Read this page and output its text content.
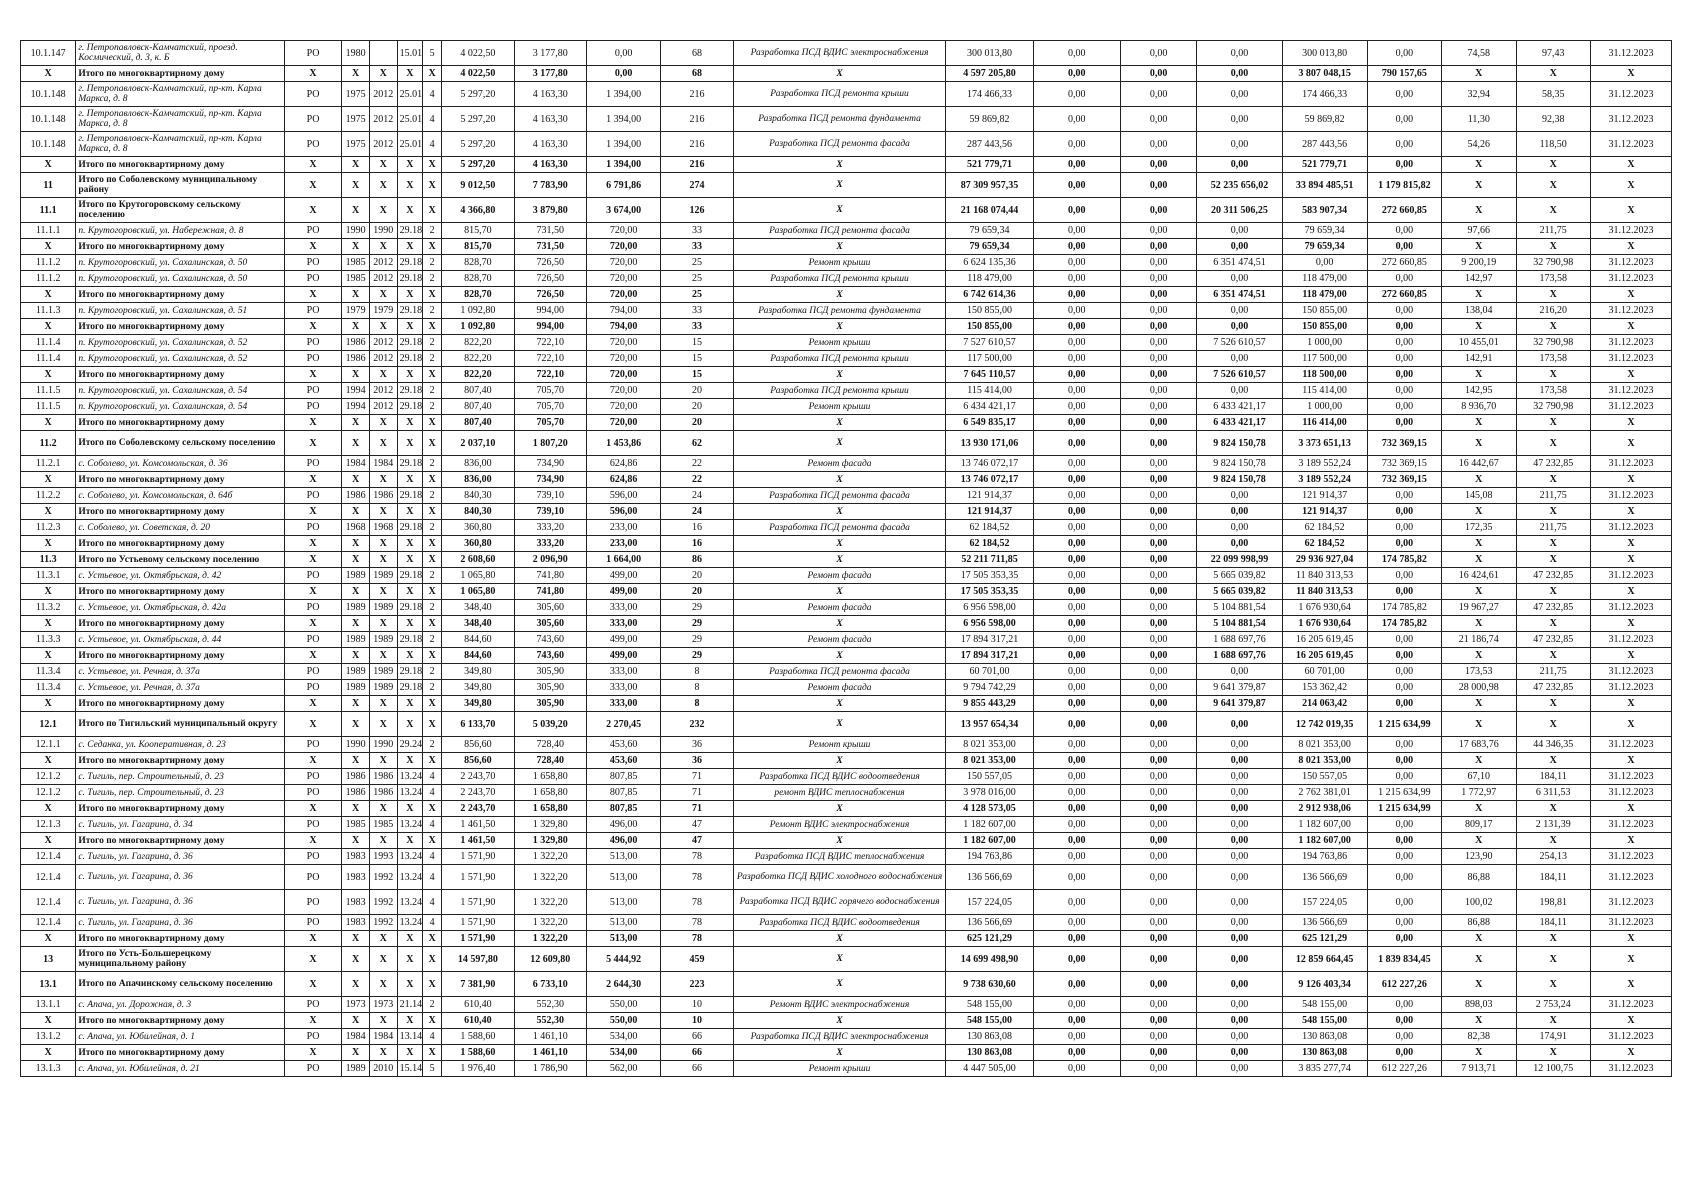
10.1.147	г. Петропавловск-Камчатский, проезд. Космический, д. 3, к. Б	РО	1980		15.01	5	4 022,50	3 177,80	0,00	68	Разработка ПСД ВДИС электроснабжения	300 013,80	0,00	0,00	0,00	300 013,80	0,00	74,58	97,43	31.12.2023
Х	Итого по многоквартирному дому	Х	Х	Х	Х	Х	4 022,50	3 177,80	0,00	68	Х	4 597 205,80	0,00	0,00	0,00	3 807 048,15	790 157,65	Х	Х	Х
10.1.148	г. Петропавловск-Камчатский, пр-кт. Карла Маркса, д. 8	РО	1975	2012	25.01	4	5 297,20	4 163,30	1 394,00	216	Разработка ПСД ремонта крыши	174 466,33	0,00	0,00	0,00	174 466,33	0,00	32,94	58,35	31.12.2023
10.1.148	г. Петропавловск-Камчатский, пр-кт. Карла Маркса, д. 8	РО	1975	2012	25.01	4	5 297,20	4 163,30	1 394,00	216	Разработка ПСД ремонта фундамента	59 869,82	0,00	0,00	0,00	59 869,82	0,00	11,30	92,38	31.12.2023
10.1.148	г. Петропавловск-Камчатский, пр-кт. Карла Маркса, д. 8	РО	1975	2012	25.01	4	5 297,20	4 163,30	1 394,00	216	Разработка ПСД ремонта фасада	287 443,56	0,00	0,00	0,00	287 443,56	0,00	54,26	118,50	31.12.2023
Х	Итого по многоквартирному дому	Х	Х	Х	Х	Х	5 297,20	4 163,30	1 394,00	216	Х	521 779,71	0,00	0,00	0,00	521 779,71	0,00	Х	Х	Х
11	Итого по Соболевскому муниципальному району	Х	Х	Х	Х	Х	9 012,50	7 783,90	6 791,86	274	Х	87 309 957,35	0,00	0,00	52 235 656,02	33 894 485,51	1 179 815,82	Х	Х	Х
11.1	Итого по Крутогоровскому сельскому поселению	Х	Х	Х	Х	Х	4 366,80	3 879,80	3 674,00	126	Х	21 168 074,44	0,00	0,00	20 311 506,25	583 907,34	272 660,85	Х	Х	Х
11.1.1	п. Крутогоровский, ул. Набережная, д. 8	РО	1990	1990	29.18	2	815,70	731,50	720,00	33	Разработка ПСД ремонта фасада	79 659,34	0,00	0,00	0,00	79 659,34	0,00	97,66	211,75	31.12.2023
Х	Итого по многоквартирному дому	Х	Х	Х	Х	Х	815,70	731,50	720,00	33	Х	79 659,34	0,00	0,00	0,00	79 659,34	0,00	Х	Х	Х
11.1.2	п. Крутогоровский, ул. Сахалинская, д. 50	РО	1985	2012	29.18	2	828,70	726,50	720,00	25	Ремонт крыши	6 624 135,36	0,00	0,00	6 351 474,51	0,00	272 660,85	9 200,19	32 790,98	31.12.2023
11.1.2	п. Крутогоровский, ул. Сахалинская, д. 50	РО	1985	2012	29.18	2	828,70	726,50	720,00	25	Разработка ПСД ремонта крыши	118 479,00	0,00	0,00	0,00	118 479,00	0,00	142,97	173,58	31.12.2023
Х	Итого по многоквартирному дому	Х	Х	Х	Х	Х	828,70	726,50	720,00	25	Х	6 742 614,36	0,00	0,00	6 351 474,51	118 479,00	272 660,85	Х	Х	Х
11.1.3	п. Крутогоровский, ул. Сахалинская, д. 51	РО	1979	1979	29.18	2	1 092,80	994,00	794,00	33	Разработка ПСД ремонта фундамента	150 855,00	0,00	0,00	0,00	150 855,00	0,00	138,04	216,20	31.12.2023
Х	Итого по многоквартирному дому	Х	Х	Х	Х	Х	1 092,80	994,00	794,00	33	Х	150 855,00	0,00	0,00	0,00	150 855,00	0,00	Х	Х	Х
11.1.4	п. Крутогоровский, ул. Сахалинская, д. 52	РО	1986	2012	29.18	2	822,20	722,10	720,00	15	Ремонт крыши	7 527 610,57	0,00	0,00	7 526 610,57	1 000,00	0,00	10 455,01	32 790,98	31.12.2023
11.1.4	п. Крутогоровский, ул. Сахалинская, д. 52	РО	1986	2012	29.18	2	822,20	722,10	720,00	15	Разработка ПСД ремонта крыши	117 500,00	0,00	0,00	0,00	117 500,00	0,00	142,91	173,58	31.12.2023
Х	Итого по многоквартирному дому	Х	Х	Х	Х	Х	822,20	722,10	720,00	15	Х	7 645 110,57	0,00	0,00	7 526 610,57	118 500,00	0,00	Х	Х	Х
11.1.5	п. Крутогоровский, ул. Сахалинская, д. 54	РО	1994	2012	29.18	2	807,40	705,70	720,00	20	Разработка ПСД ремонта крыши	115 414,00	0,00	0,00	0,00	115 414,00	0,00	142,95	173,58	31.12.2023
11.1.5	п. Крутогоровский, ул. Сахалинская, д. 54	РО	1994	2012	29.18	2	807,40	705,70	720,00	20	Ремонт крыши	6 434 421,17	0,00	0,00	6 433 421,17	1 000,00	0,00	8 936,70	32 790,98	31.12.2023
Х	Итого по многоквартирному дому	Х	Х	Х	Х	Х	807,40	705,70	720,00	20	Х	6 549 835,17	0,00	0,00	6 433 421,17	116 414,00	0,00	Х	Х	Х
11.2	Итого по Соболевскому сельскому поселению	Х	Х	Х	Х	Х	2 037,10	1 807,20	1 453,86	62	Х	13 930 171,06	0,00	0,00	9 824 150,78	3 373 651,13	732 369,15	Х	Х	Х
11.2.1	с. Соболево, ул. Комсомольская, д. 36	РО	1984	1984	29.18	2	836,00	734,90	624,86	22	Ремонт фасада	13 746 072,17	0,00	0,00	9 824 150,78	3 189 552,24	732 369,15	16 442,67	47 232,85	31.12.2023
Х	Итого по многоквартирному дому	Х	Х	Х	Х	Х	836,00	734,90	624,86	22	Х	13 746 072,17	0,00	0,00	9 824 150,78	3 189 552,24	732 369,15	Х	Х	Х
11.2.2	с. Соболево, ул. Комсомольская, д. 64б	РО	1986	1986	29.18	2	840,30	739,10	596,00	24	Разработка ПСД ремонта фасада	121 914,37	0,00	0,00	0,00	121 914,37	0,00	145,08	211,75	31.12.2023
Х	Итого по многоквартирному дому	Х	Х	Х	Х	Х	840,30	739,10	596,00	24	Х	121 914,37	0,00	0,00	0,00	121 914,37	0,00	Х	Х	Х
11.2.3	с. Соболево, ул. Советская, д. 20	РО	1968	1968	29.18	2	360,80	333,20	233,00	16	Разработка ПСД ремонта фасада	62 184,52	0,00	0,00	0,00	62 184,52	0,00	172,35	211,75	31.12.2023
Х	Итого по многоквартирному дому	Х	Х	Х	Х	Х	360,80	333,20	233,00	16	Х	62 184,52	0,00	0,00	0,00	62 184,52	0,00	Х	Х	Х
11.3	Итого по Устьевому сельскому поселению	Х	Х	Х	Х	Х	2 608,60	2 096,90	1 664,00	86	Х	52 211 711,85	0,00	0,00	22 099 998,99	29 936 927,04	174 785,82	Х	Х	Х
11.3.1	с. Устьевое, ул. Октябрьская, д. 42	РО	1989	1989	29.18	2	1 065,80	741,80	499,00	20	Ремонт фасада	17 505 353,35	0,00	0,00	5 665 039,82	11 840 313,53	0,00	16 424,61	47 232,85	31.12.2023
Х	Итого по многоквартирному дому	Х	Х	Х	Х	Х	1 065,80	741,80	499,00	20	Х	17 505 353,35	0,00	0,00	5 665 039,82	11 840 313,53	0,00	Х	Х	Х
11.3.2	с. Устьевое, ул. Октябрьская, д. 42а	РО	1989	1989	29.18	2	348,40	305,60	333,00	29	Ремонт фасада	6 956 598,00	0,00	0,00	5 104 881,54	1 676 930,64	174 785,82	19 967,27	47 232,85	31.12.2023
Х	Итого по многоквартирному дому	Х	Х	Х	Х	Х	348,40	305,60	333,00	29	Х	6 956 598,00	0,00	0,00	5 104 881,54	1 676 930,64	174 785,82	Х	Х	Х
11.3.3	с. Устьевое, ул. Октябрьская, д. 44	РО	1989	1989	29.18	2	844,60	743,60	499,00	29	Ремонт фасада	17 894 317,21	0,00	0,00	1 688 697,76	16 205 619,45	0,00	21 186,74	47 232,85	31.12.2023
Х	Итого по многоквартирному дому	Х	Х	Х	Х	Х	844,60	743,60	499,00	29	Х	17 894 317,21	0,00	0,00	1 688 697,76	16 205 619,45	0,00	Х	Х	Х
11.3.4	с. Устьевое, ул. Речная, д. 37а	РО	1989	1989	29.18	2	349,80	305,90	333,00	8	Разработка ПСД ремонта фасада	60 701,00	0,00	0,00	0,00	60 701,00	0,00	173,53	211,75	31.12.2023
11.3.4	с. Устьевое, ул. Речная, д. 37а	РО	1989	1989	29.18	2	349,80	305,90	333,00	8	Ремонт фасада	9 794 742,29	0,00	0,00	9 641 379,87	153 362,42	0,00	28 000,98	47 232,85	31.12.2023
Х	Итого по многоквартирному дому	Х	Х	Х	Х	Х	349,80	305,90	333,00	8	Х	9 855 443,29	0,00	0,00	9 641 379,87	214 063,42	0,00	Х	Х	Х
12.1	Итого по Тигильский муниципальный округу	Х	Х	Х	Х	Х	6 133,70	5 039,20	2 270,45	232	Х	13 957 654,34	0,00	0,00	0,00	12 742 019,35	1 215 634,99	Х	Х	Х
12.1.1	с. Седанка, ул. Кооперативная, д. 23	РО	1990	1990	29.24	2	856,60	728,40	453,60	36	Ремонт крыши	8 021 353,00	0,00	0,00	0,00	8 021 353,00	0,00	17 683,76	44 346,35	31.12.2023
Х	Итого по многоквартирному дому	Х	Х	Х	Х	Х	856,60	728,40	453,60	36	Х	8 021 353,00	0,00	0,00	0,00	8 021 353,00	0,00	Х	Х	Х
12.1.2	с. Тигиль, пер. Строительный, д. 23	РО	1986	1986	13.24	4	2 243,70	1 658,80	807,85	71	Разработка ПСД ВДИС водоотведения	150 557,05	0,00	0,00	0,00	150 557,05	0,00	67,10	184,11	31.12.2023
12.1.2	с. Тигиль, пер. Строительный, д. 23	РО	1986	1986	13.24	4	2 243,70	1 658,80	807,85	71	ремонт ВДИС теплоснабжения	3 978 016,00	0,00	0,00	0,00	2 762 381,01	1 215 634,99	1 772,97	6 311,53	31.12.2023
Х	Итого по многоквартирному дому	Х	Х	Х	Х	Х	2 243,70	1 658,80	807,85	71	Х	4 128 573,05	0,00	0,00	0,00	2 912 938,06	1 215 634,99	Х	Х	Х
12.1.3	с. Тигиль, ул. Гагарина, д. 34	РО	1985	1985	13.24	4	1 461,50	1 329,80	496,00	47	Ремонт ВДИС электроснабжения	1 182 607,00	0,00	0,00	0,00	1 182 607,00	0,00	809,17	2 131,39	31.12.2023
Х	Итого по многоквартирному дому	Х	Х	Х	Х	Х	1 461,50	1 329,80	496,00	47	Х	1 182 607,00	0,00	0,00	0,00	1 182 607,00	0,00	Х	Х	Х
12.1.4	с. Тигиль, ул. Гагарина, д. 36	РО	1983	1993	13.24	4	1 571,90	1 322,20	513,00	78	Разработка ПСД ВДИС теплоснабжения	194 763,86	0,00	0,00	0,00	194 763,86	0,00	123,90	254,13	31.12.2023
12.1.4	с. Тигиль, ул. Гагарина, д. 36	РО	1983	1992	13.24	4	1 571,90	1 322,20	513,00	78	Разработка ПСД ВДИС холодного водоснабжения	136 566,69	0,00	0,00	0,00	136 566,69	0,00	86,88	184,11	31.12.2023
12.1.4	с. Тигиль, ул. Гагарина, д. 36	РО	1983	1992	13.24	4	1 571,90	1 322,20	513,00	78	Разработка ПСД ВДИС горячего водоснабжения	157 224,05	0,00	0,00	0,00	157 224,05	0,00	100,02	198,81	31.12.2023
12.1.4	с. Тигиль, ул. Гагарина, д. 36	РО	1983	1992	13.24	4	1 571,90	1 322,20	513,00	78	Разработка ПСД ВДИС водоотведения	136 566,69	0,00	0,00	0,00	136 566,69	0,00	86,88	184,11	31.12.2023
Х	Итого по многоквартирному дому	Х	Х	Х	Х	Х	1 571,90	1 322,20	513,00	78	Х	625 121,29	0,00	0,00	0,00	625 121,29	0,00	Х	Х	Х
13	Итого по Усть-Большерецкому муниципальному району	Х	Х	Х	Х	Х	14 597,80	12 609,80	5 444,92	459	Х	14 699 498,90	0,00	0,00	0,00	12 859 664,45	1 839 834,45	Х	Х	Х
13.1	Итого по Апачинскому сельскому поселению	Х	Х	Х	Х	Х	7 381,90	6 733,10	2 644,30	223	Х	9 738 630,60	0,00	0,00	0,00	9 126 403,34	612 227,26	Х	Х	Х
13.1.1	с. Апача, ул. Дорожная, д. 3	РО	1973	1973	21.14	2	610,40	552,30	550,00	10	Ремонт ВДИС электроснабжения	548 155,00	0,00	0,00	0,00	548 155,00	0,00	898,03	2 753,24	31.12.2023
Х	Итого по многоквартирному дому	Х	Х	Х	Х	Х	610,40	552,30	550,00	10	Х	548 155,00	0,00	0,00	0,00	548 155,00	0,00	Х	Х	Х
13.1.2	с. Апача, ул. Юбилейная, д. 1	РО	1984	1984	13.14	4	1 588,60	1 461,10	534,00	66	Разработка ПСД ВДИС электроснабжения	130 863,08	0,00	0,00	0,00	130 863,08	0,00	82,38	174,91	31.12.2023
Х	Итого по многоквартирному дому	Х	Х	Х	Х	Х	1 588,60	1 461,10	534,00	66	Х	130 863,08	0,00	0,00	0,00	130 863,08	0,00	Х	Х	Х
13.1.3	с. Апача, ул. Юбилейная, д. 21	РО	1989	2010	15.14	5	1 976,40	1 786,90	562,00	66	Ремонт крыши	4 447 505,00	0,00	0,00	0,00	3 835 277,74	612 227,26	7 913,71	12 100,75	31.12.2023
